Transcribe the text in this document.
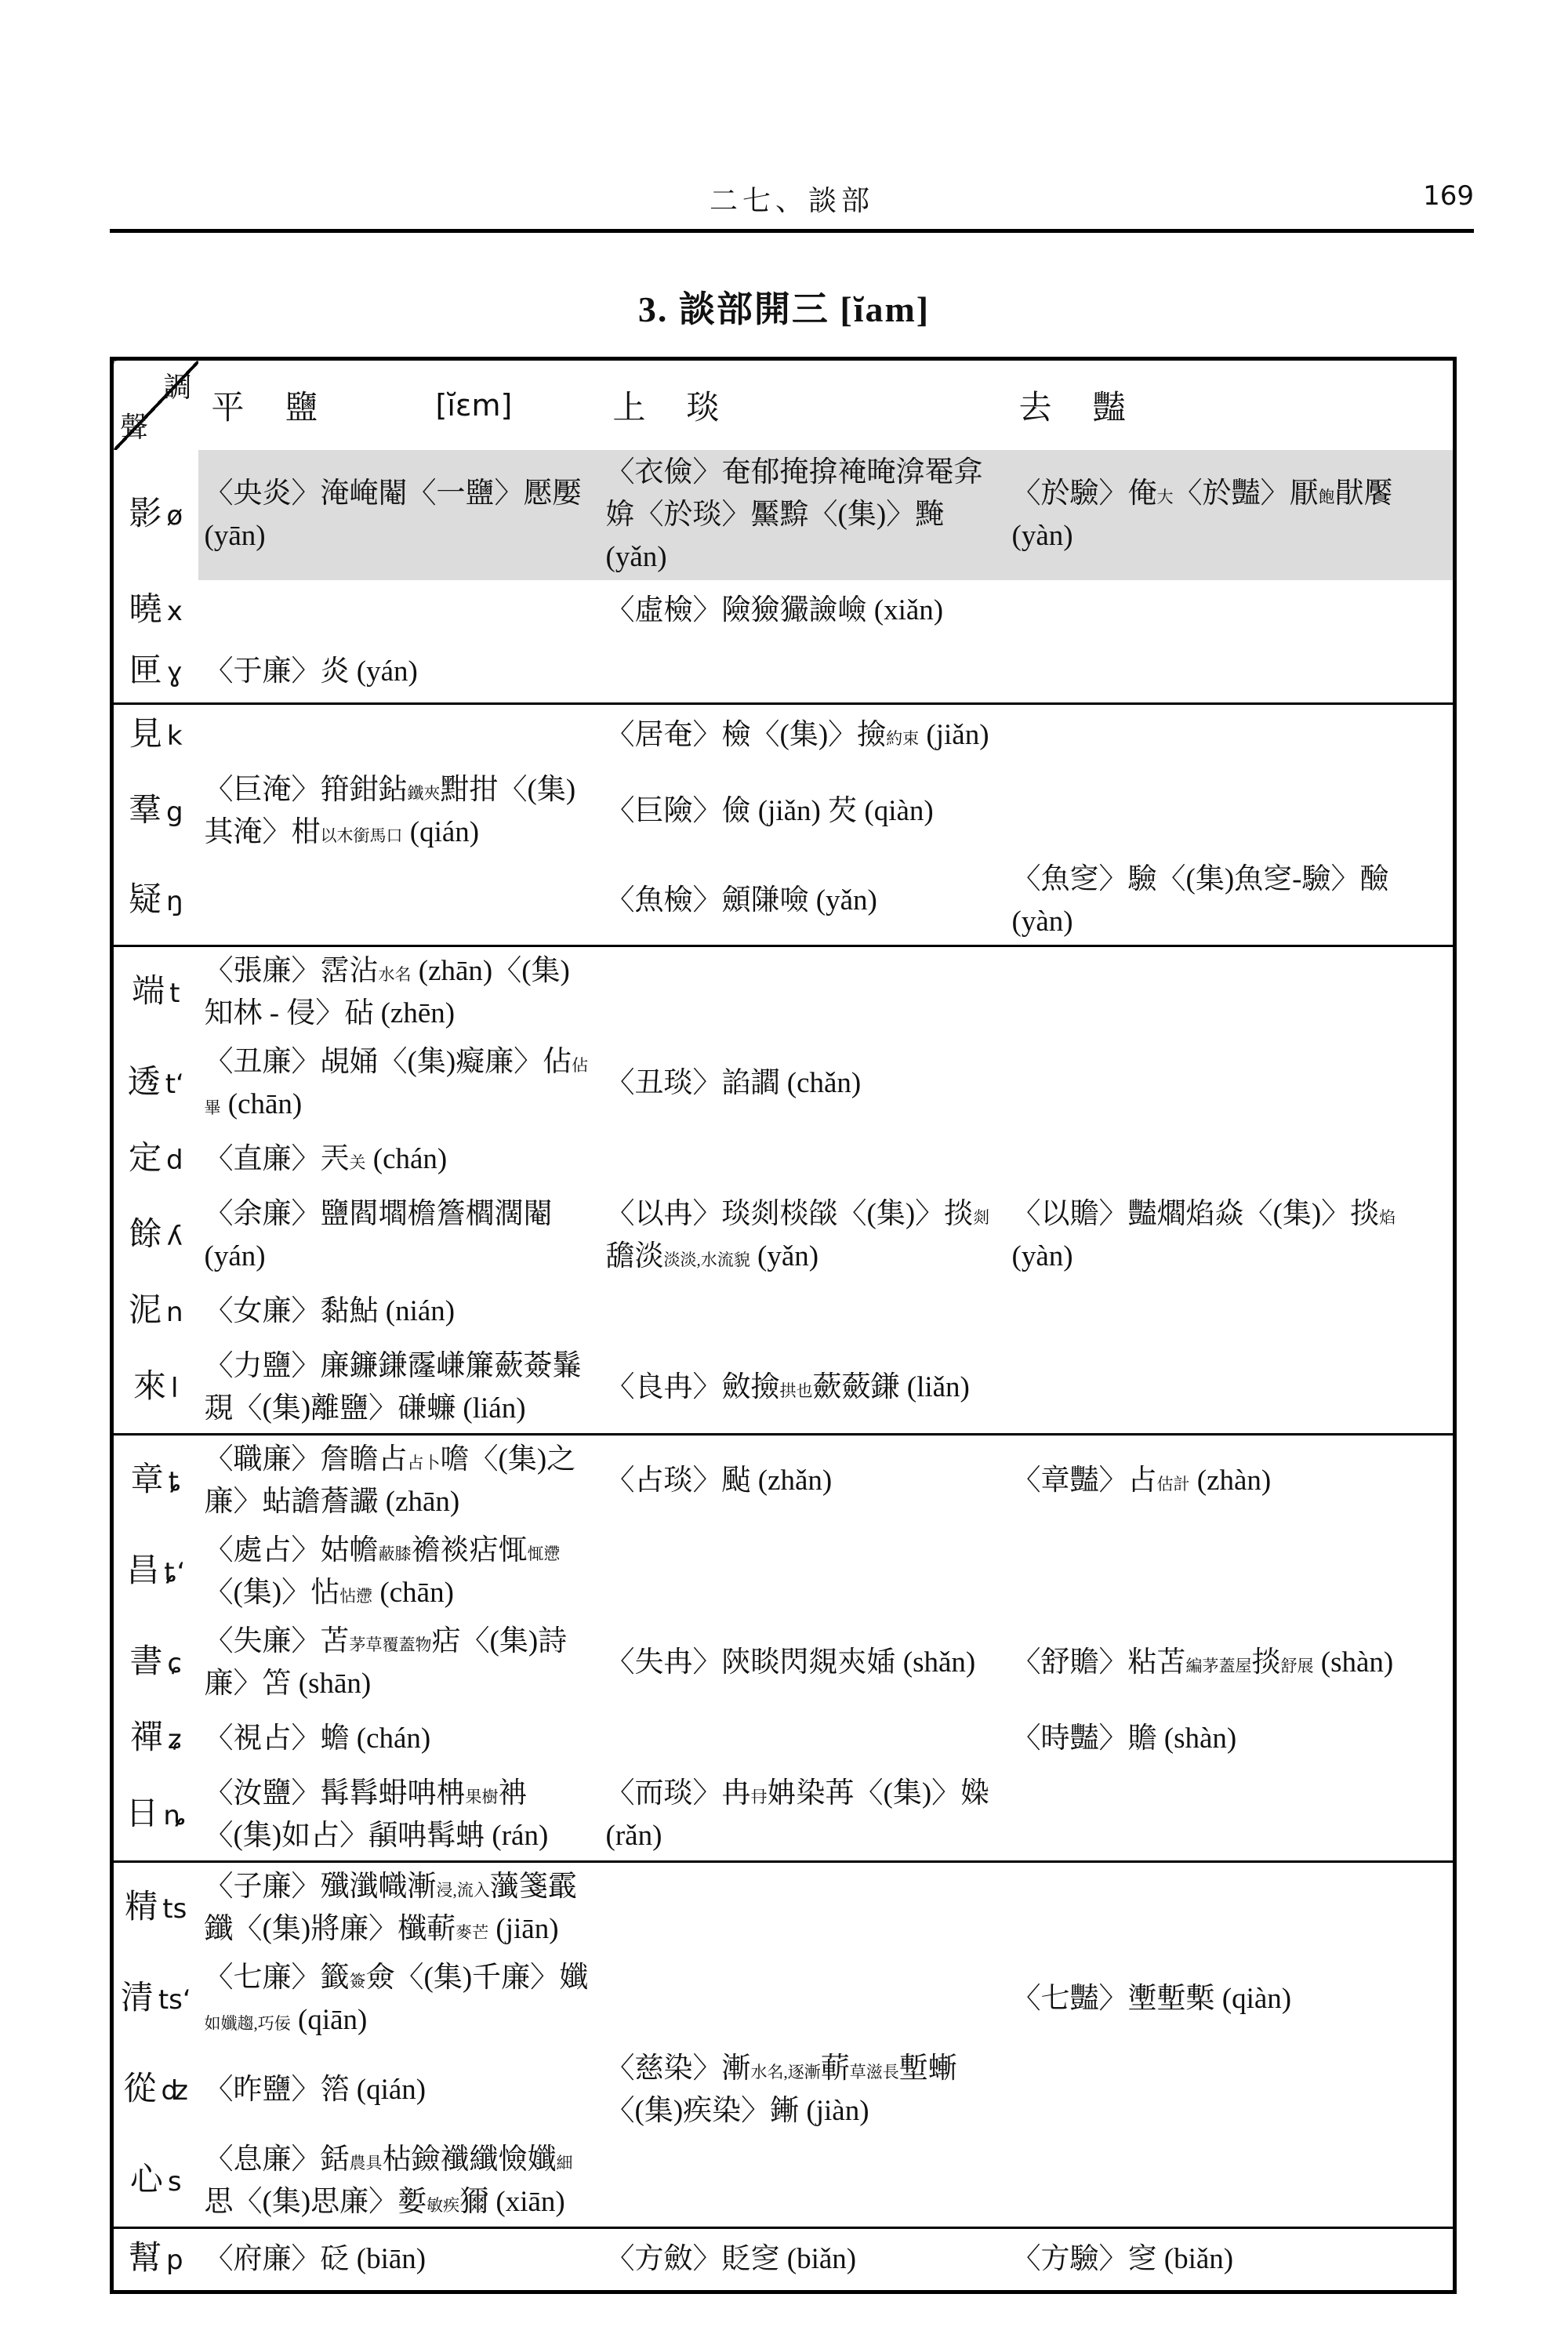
二七、談部	169
3. 談部開三 [ĭam]
調
聲	平 鹽 [ĭɛm]	上 琰	去 豔

影 ø	〈央炎〉淹崦閹〈一鹽〉懕嬮 (yān)	〈衣儉〉奄郁掩揜裺晻渰罨弇媕〈於琰〉黶黭〈(集)〉黤 (yǎn)	〈於驗〉俺大〈於豔〉厭飽猒饜 (yàn)
曉 x		〈虛檢〉險獫玁譣嶮 (xiǎn)	
匣 ɣ	〈于廉〉炎 (yán)		
見 k		〈居奄〉檢〈(集)〉撿約束 (jiǎn)	
羣 g	〈巨淹〉箝鉗鉆鐵夾黚拑〈(集)其淹〉柑以木銜馬口 (qián)	〈巨險〉儉 (jiǎn) 芡 (qiàn)	
疑 ŋ		〈魚檢〉顩隒噞 (yǎn)	〈魚窆〉驗〈(集)魚窆-驗〉醶 (yàn)
端 t	〈張廉〉霑沾水名 (zhān)〈(集)知林 - 侵〉砧 (zhēn)		
透 t‘	〈丑廉〉覘㛚〈(集)癡廉〉佔佔畢 (chān)	〈丑琰〉諂讇 (chǎn)	
定 d	〈直廉〉兲关 (chán)		
餘 ʎ	〈余廉〉鹽閻壛檐簷櫩濶閹 (yán)	〈以冉〉琰剡棪燄〈(集)〉掞剡舚淡淡淡,水流貌 (yǎn)	〈以贍〉豔爓焰焱〈(集)〉掞焰 (yàn)
泥 n	〈女廉〉黏鮎 (nián)		
來 l	〈力鹽〉廉鐮鎌霳嵰簾蘝薟鬑覝〈(集)離鹽〉磏蠊 (lián)	〈良冉〉斂撿拱也蘝蘞鎌 (liǎn)	
章 ȶ	〈職廉〉詹瞻占占卜噡〈(集)之廉〉蛅譫薝讝 (zhān)	〈占琰〉颭 (zhǎn)	〈章豔〉占估計 (zhàn)
昌 ȶ‘	〈處占〉姑幨蔽膝襜裧痁㤴㤴懘〈(集)〉怗怗懘 (chān)		
書 ɕ	〈失廉〉苫茅草覆蓋物痁〈(集)詩廉〉笘 (shān)	〈失冉〉陝睒閃覢㚒㛼 (shǎn)	〈舒贍〉粘苫編茅蓋屋掞舒展 (shàn)
禪 ʑ	〈視占〉蟾 (chán)		〈時豔〉贍 (shàn)
日 ȵ	〈汝鹽〉髯髥蚦呥柟果樹袡〈(集)如占〉䫇呥髯蚺 (rán)	〈而琰〉冉冄姌染苒〈(集)〉媣 (rǎn)	
精 ts	〈子廉〉殲瀸幟漸浸,流入虃箋霵鑯〈(集)將廉〉櫼蔪麥芒 (jiān)		
清 ts‘	〈七廉〉籤簽僉〈(集)千廉〉孅如孅趨,巧佞 (qiān)		〈七豔〉壍塹槧 (qiàn)
從 ʣ	〈昨鹽〉箈 (qián)	〈慈染〉漸水名,逐漸蔪草滋長塹螹〈(集)疾染〉鏩 (jiàn)	
心 s	〈息廉〉銛農具枮鐱襳纖憸孅細思〈(集)思廉〉㜪敏疾獮 (xiān)		
幫 p	〈府廉〉砭 (biān)	〈方斂〉貶窆 (biǎn)	〈方驗〉窆 (biǎn)
